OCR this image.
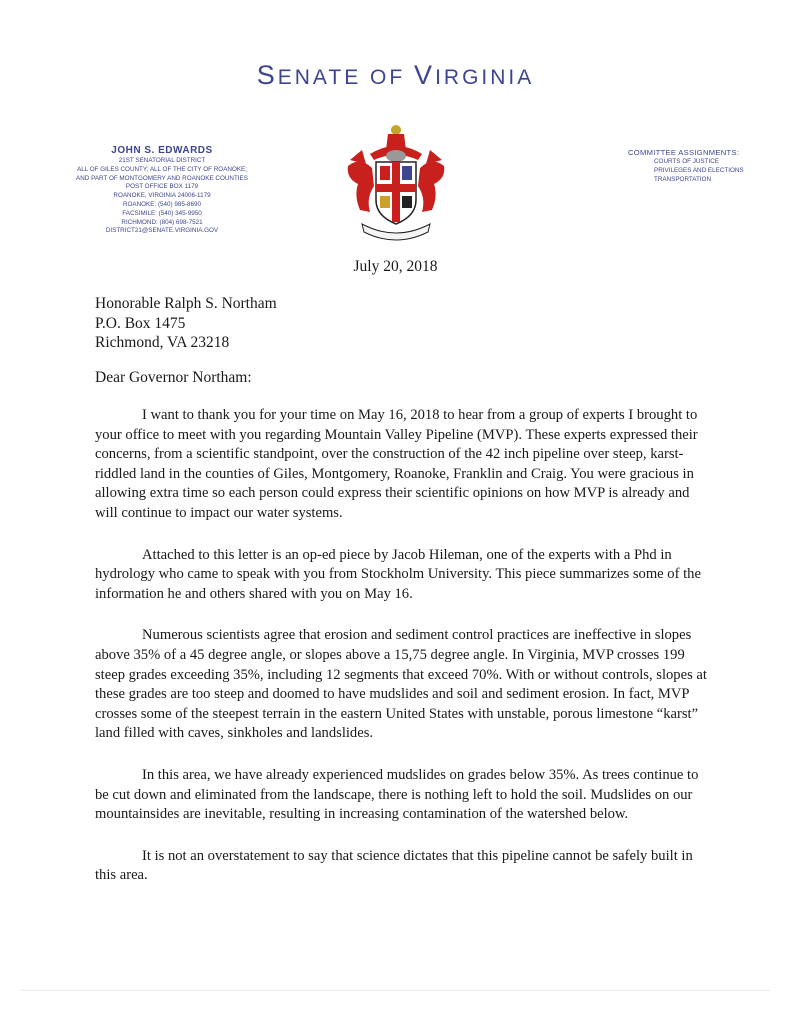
SENATE OF VIRGINIA
JOHN S. EDWARDS
21ST SENATORIAL DISTRICT
ALL OF GILES COUNTY; ALL OF THE CITY OF ROANOKE;
AND PART OF MONTGOMERY AND ROANOKE COUNTIES
POST OFFICE BOX 1179
ROANOKE, VIRGINIA 24006-1179
ROANOKE: (540) 985-8690
FACSIMILE: (540) 345-9950
RICHMOND: (804) 698-7521
DISTRICT21@SENATE.VIRGINIA.GOV
COMMITTEE ASSIGNMENTS:
COURTS OF JUSTICE
PRIVILEGES AND ELECTIONS
TRANSPORTATION
July 20, 2018
Honorable Ralph S. Northam
P.O. Box 1475
Richmond, VA 23218
Dear Governor Northam:

I want to thank you for your time on May 16, 2018 to hear from a group of experts I brought to your office to meet with you regarding Mountain Valley Pipeline (MVP). These experts expressed their concerns, from a scientific standpoint, over the construction of the 42 inch pipeline over steep, karst-riddled land in the counties of Giles, Montgomery, Roanoke, Franklin and Craig. You were gracious in allowing extra time so each person could express their scientific opinions on how MVP is already and will continue to impact our water systems.

Attached to this letter is an op-ed piece by Jacob Hileman, one of the experts with a Phd in hydrology who came to speak with you from Stockholm University. This piece summarizes some of the information he and others shared with you on May 16.

Numerous scientists agree that erosion and sediment control practices are ineffective in slopes above 35% of a 45 degree angle, or slopes above a 15,75 degree angle. In Virginia, MVP crosses 199 steep grades exceeding 35%, including 12 segments that exceed 70%. With or without controls, slopes at these grades are too steep and doomed to have mudslides and soil and sediment erosion. In fact, MVP crosses some of the steepest terrain in the eastern United States with unstable, porous limestone “karst” land filled with caves, sinkholes and landslides.

In this area, we have already experienced mudslides on grades below 35%. As trees continue to be cut down and eliminated from the landscape, there is nothing left to hold the soil. Mudslides on our mountainsides are inevitable, resulting in increasing contamination of the watershed below.

It is not an overstatement to say that science dictates that this pipeline cannot be safely built in this area.
